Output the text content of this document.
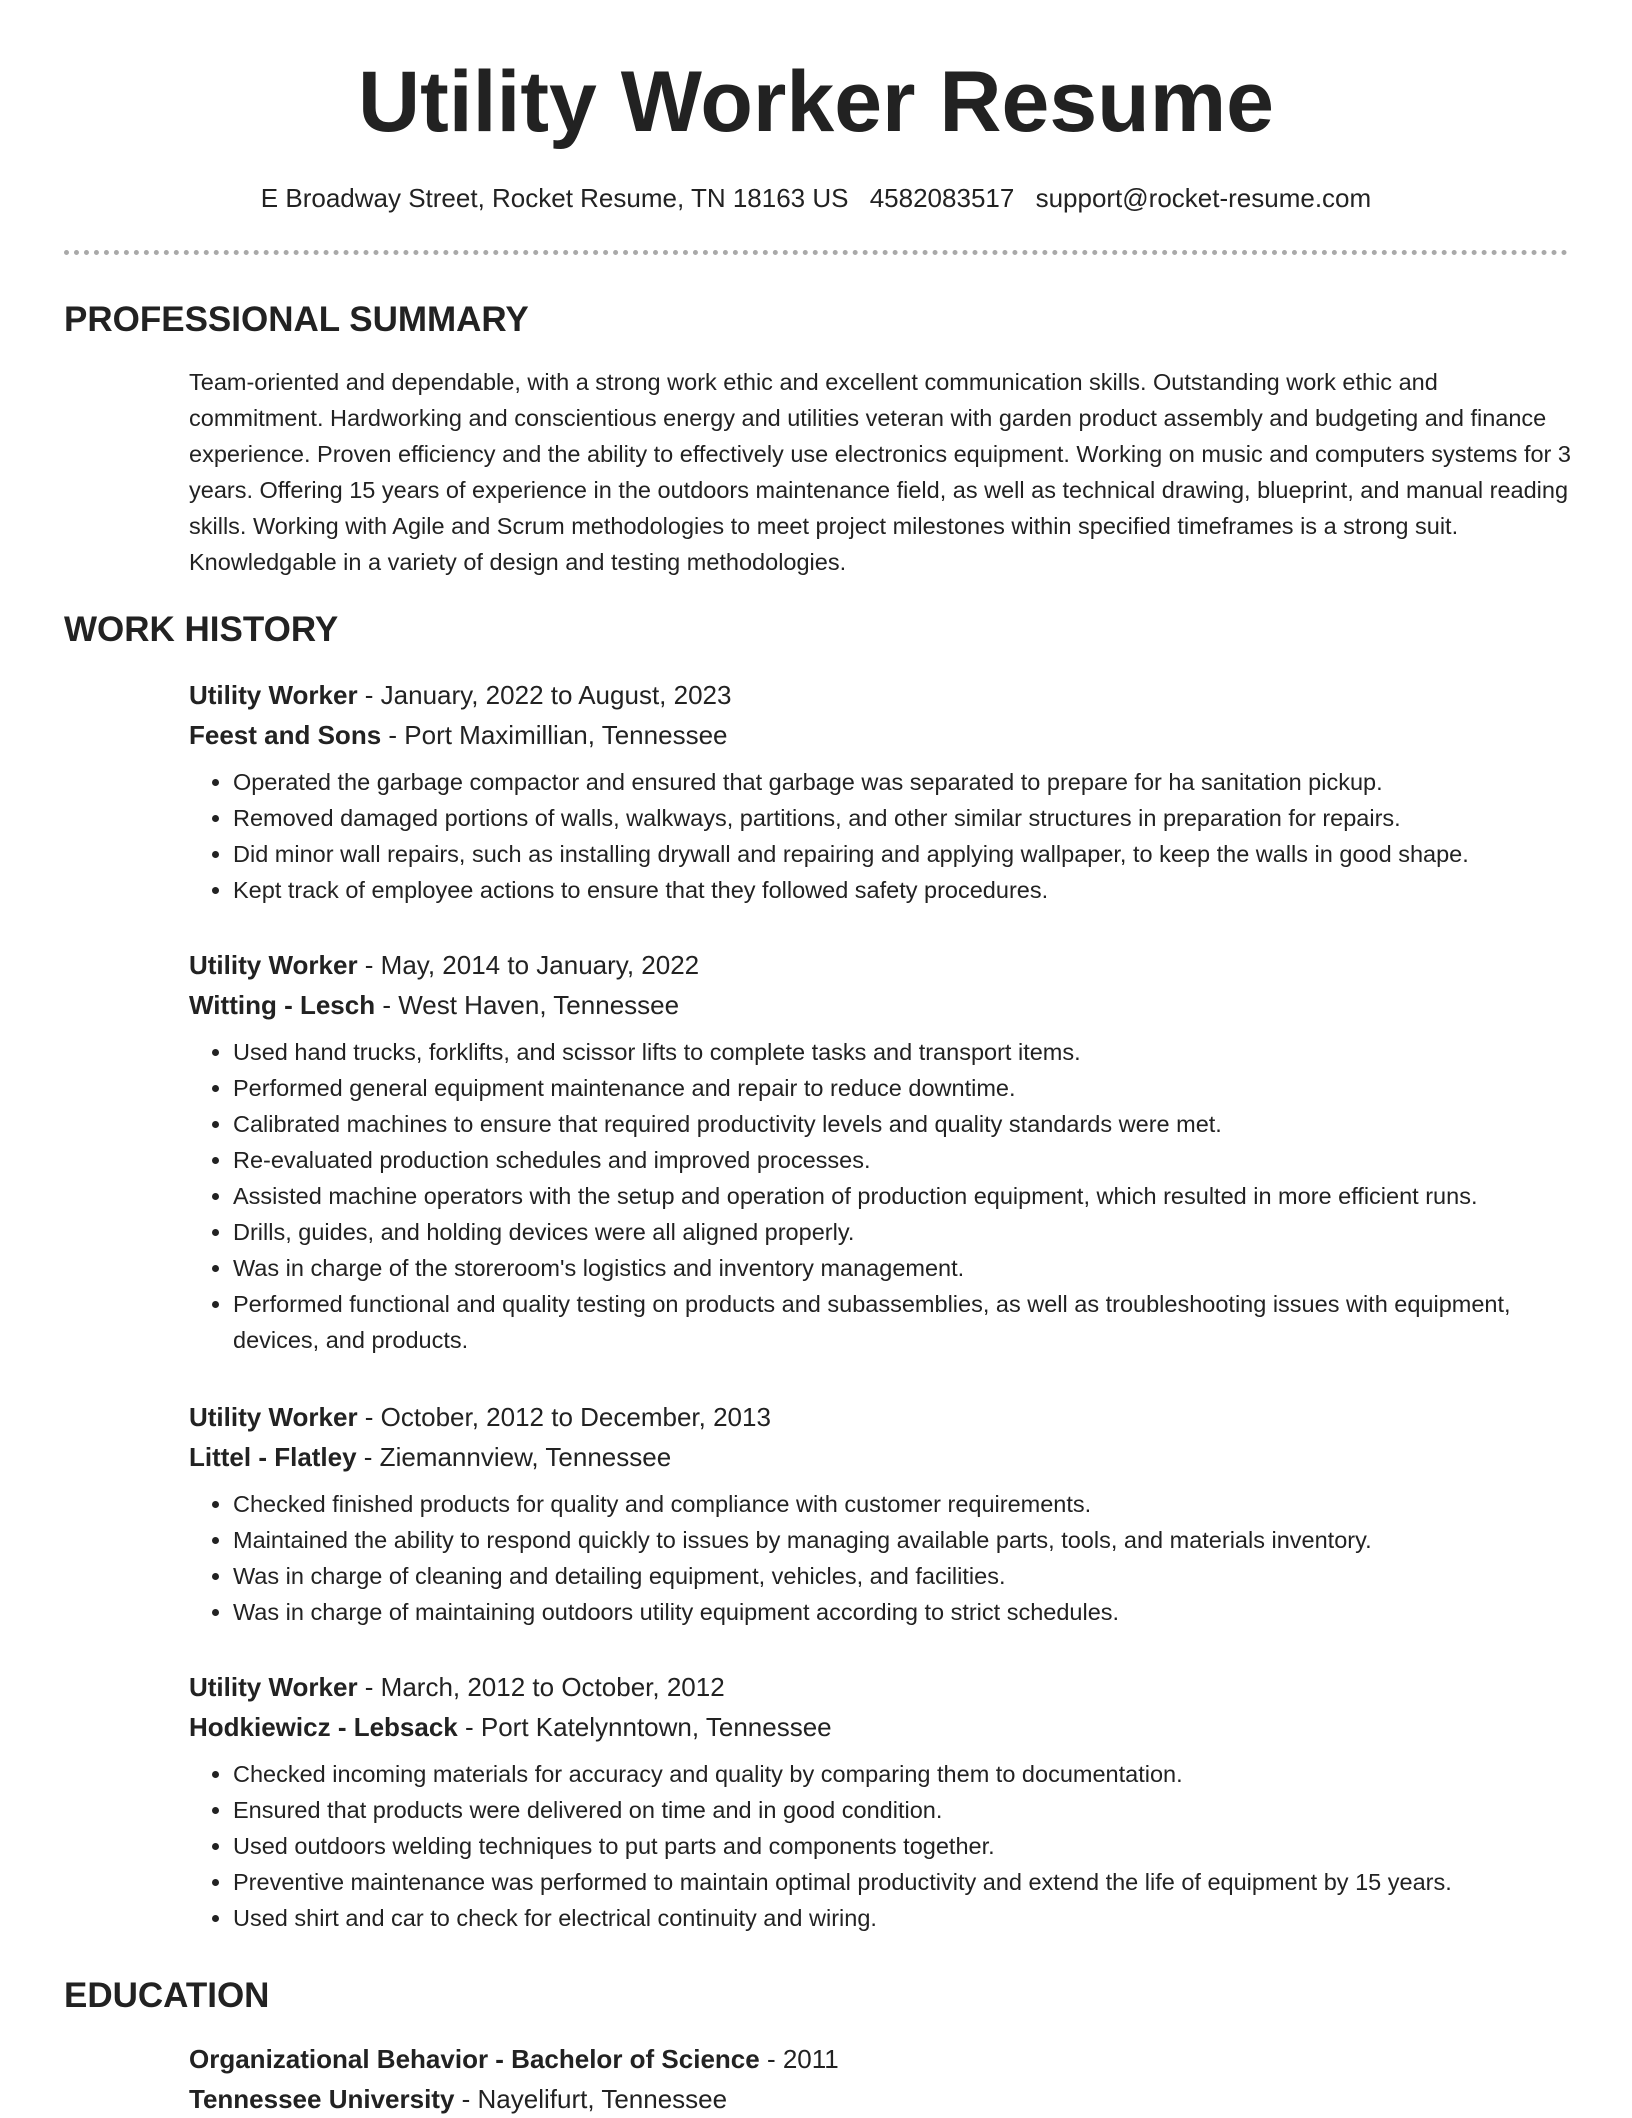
Utility Worker Resume
E Broadway Street, Rocket Resume, TN 18163 US 4582083517 support@rocket-resume.com
PROFESSIONAL SUMMARY

Team-oriented and dependable, with a strong work ethic and excellent communication skills. Outstanding work ethic and commitment. Hardworking and conscientious energy and utilities veteran with garden product assembly and budgeting and finance experience. Proven efficiency and the ability to effectively use electronics equipment. Working on music and computers systems for 3 years. Offering 15 years of experience in the outdoors maintenance field, as well as technical drawing, blueprint, and manual reading skills. Working with Agile and Scrum methodologies to meet project milestones within specified timeframes is a strong suit. Knowledgable in a variety of design and testing methodologies.

WORK HISTORY

Utility Worker - January, 2022 to August, 2023

Feest and Sons - Port Maximillian, Tennessee

• Operated the garbage compactor and ensured that garbage was separated to prepare for ha sanitation pickup.
• Removed damaged portions of walls, walkways, partitions, and other similar structures in preparation for repairs.
• Did minor wall repairs, such as installing drywall and repairing and applying wallpaper, to keep the walls in good shape.
• Kept track of employee actions to ensure that they followed safety procedures.

Utility Worker - May, 2014 to January, 2022

Witting - Lesch - West Haven, Tennessee

• Used hand trucks, forklifts, and scissor lifts to complete tasks and transport items.
• Performed general equipment maintenance and repair to reduce downtime.
• Calibrated machines to ensure that required productivity levels and quality standards were met.
• Re-evaluated production schedules and improved processes.
• Assisted machine operators with the setup and operation of production equipment, which resulted in more efficient runs.
• Drills, guides, and holding devices were all aligned properly.
• Was in charge of the storeroom's logistics and inventory management.
• Performed functional and quality testing on products and subassemblies, as well as troubleshooting issues with equipment, devices, and products.

Utility Worker - October, 2012 to December, 2013

Littel - Flatley - Ziemannview, Tennessee

• Checked finished products for quality and compliance with customer requirements.
• Maintained the ability to respond quickly to issues by managing available parts, tools, and materials inventory.
• Was in charge of cleaning and detailing equipment, vehicles, and facilities.
• Was in charge of maintaining outdoors utility equipment according to strict schedules.

Utility Worker - March, 2012 to October, 2012

Hodkiewicz - Lebsack - Port Katelynntown, Tennessee

• Checked incoming materials for accuracy and quality by comparing them to documentation.
• Ensured that products were delivered on time and in good condition.
• Used outdoors welding techniques to put parts and components together.
• Preventive maintenance was performed to maintain optimal productivity and extend the life of equipment by 15 years.
• Used shirt and car to check for electrical continuity and wiring.
EDUCATION

Organizational Behavior - Bachelor of Science - 2011

Tennessee University - Nayelifurt, Tennessee
